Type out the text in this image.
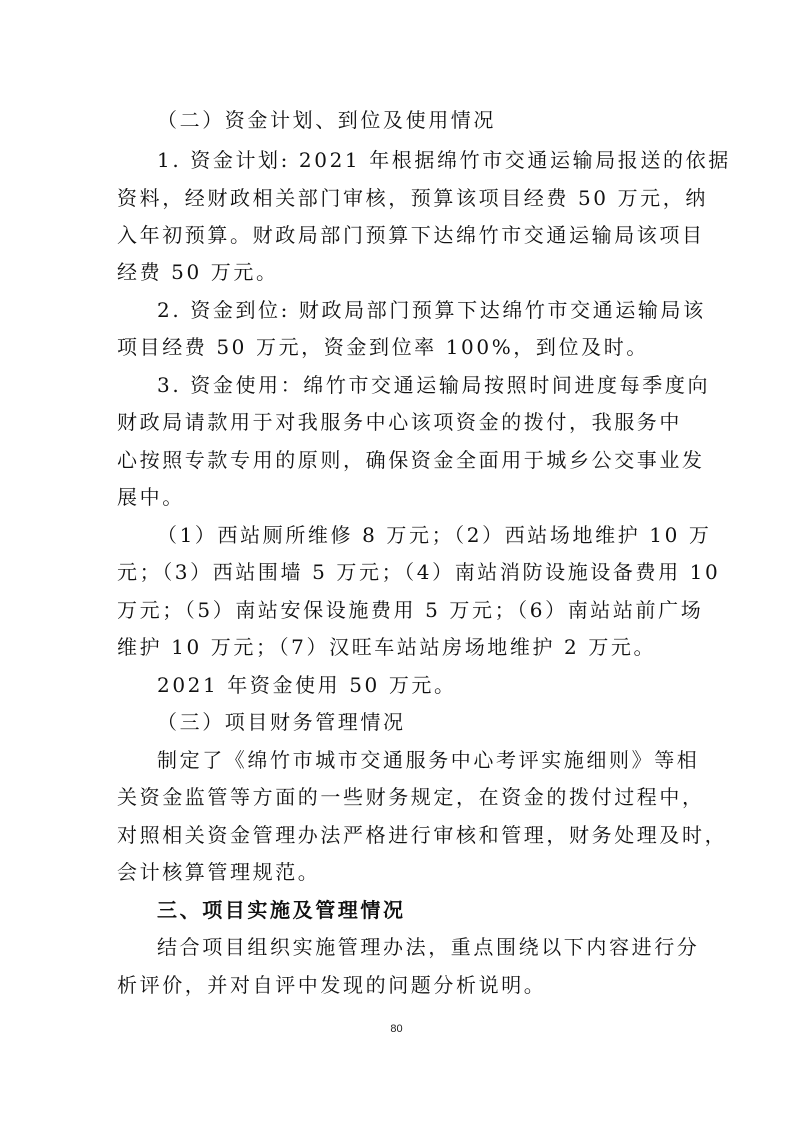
（二）资金计划、到位及使用情况
1. 资金计划: 2021 年根据绵竹市交通运输局报送的依据
资料，经财政相关部门审核，预算该项目经费 50 万元，纳
入年初预算。财政局部门预算下达绵竹市交通运输局该项目
经费 50 万元。
2. 资金到位: 财政局部门预算下达绵竹市交通运输局该
项目经费 50 万元，资金到位率 100%，到位及时。
3. 资金使用：绵竹市交通运输局按照时间进度每季度向
财政局请款用于对我服务中心该项资金的拨付，我服务中
心按照专款专用的原则，确保资金全面用于城乡公交事业发
展中。
（1）西站厕所维修 8 万元；（2）西站场地维护 10 万
元；（3）西站围墙 5 万元；（4）南站消防设施设备费用 10
万元；（5）南站安保设施费用 5 万元；（6）南站站前广场
维护 10 万元；（7）汉旺车站站房场地维护 2 万元。
2021 年资金使用 50 万元。
（三）项目财务管理情况
制定了《绵竹市城市交通服务中心考评实施细则》等相
关资金监管等方面的一些财务规定，在资金的拨付过程中，
对照相关资金管理办法严格进行审核和管理，财务处理及时，
会计核算管理规范。
三、项目实施及管理情况
结合项目组织实施管理办法，重点围绕以下内容进行分
析评价，并对自评中发现的问题分析说明。
80
